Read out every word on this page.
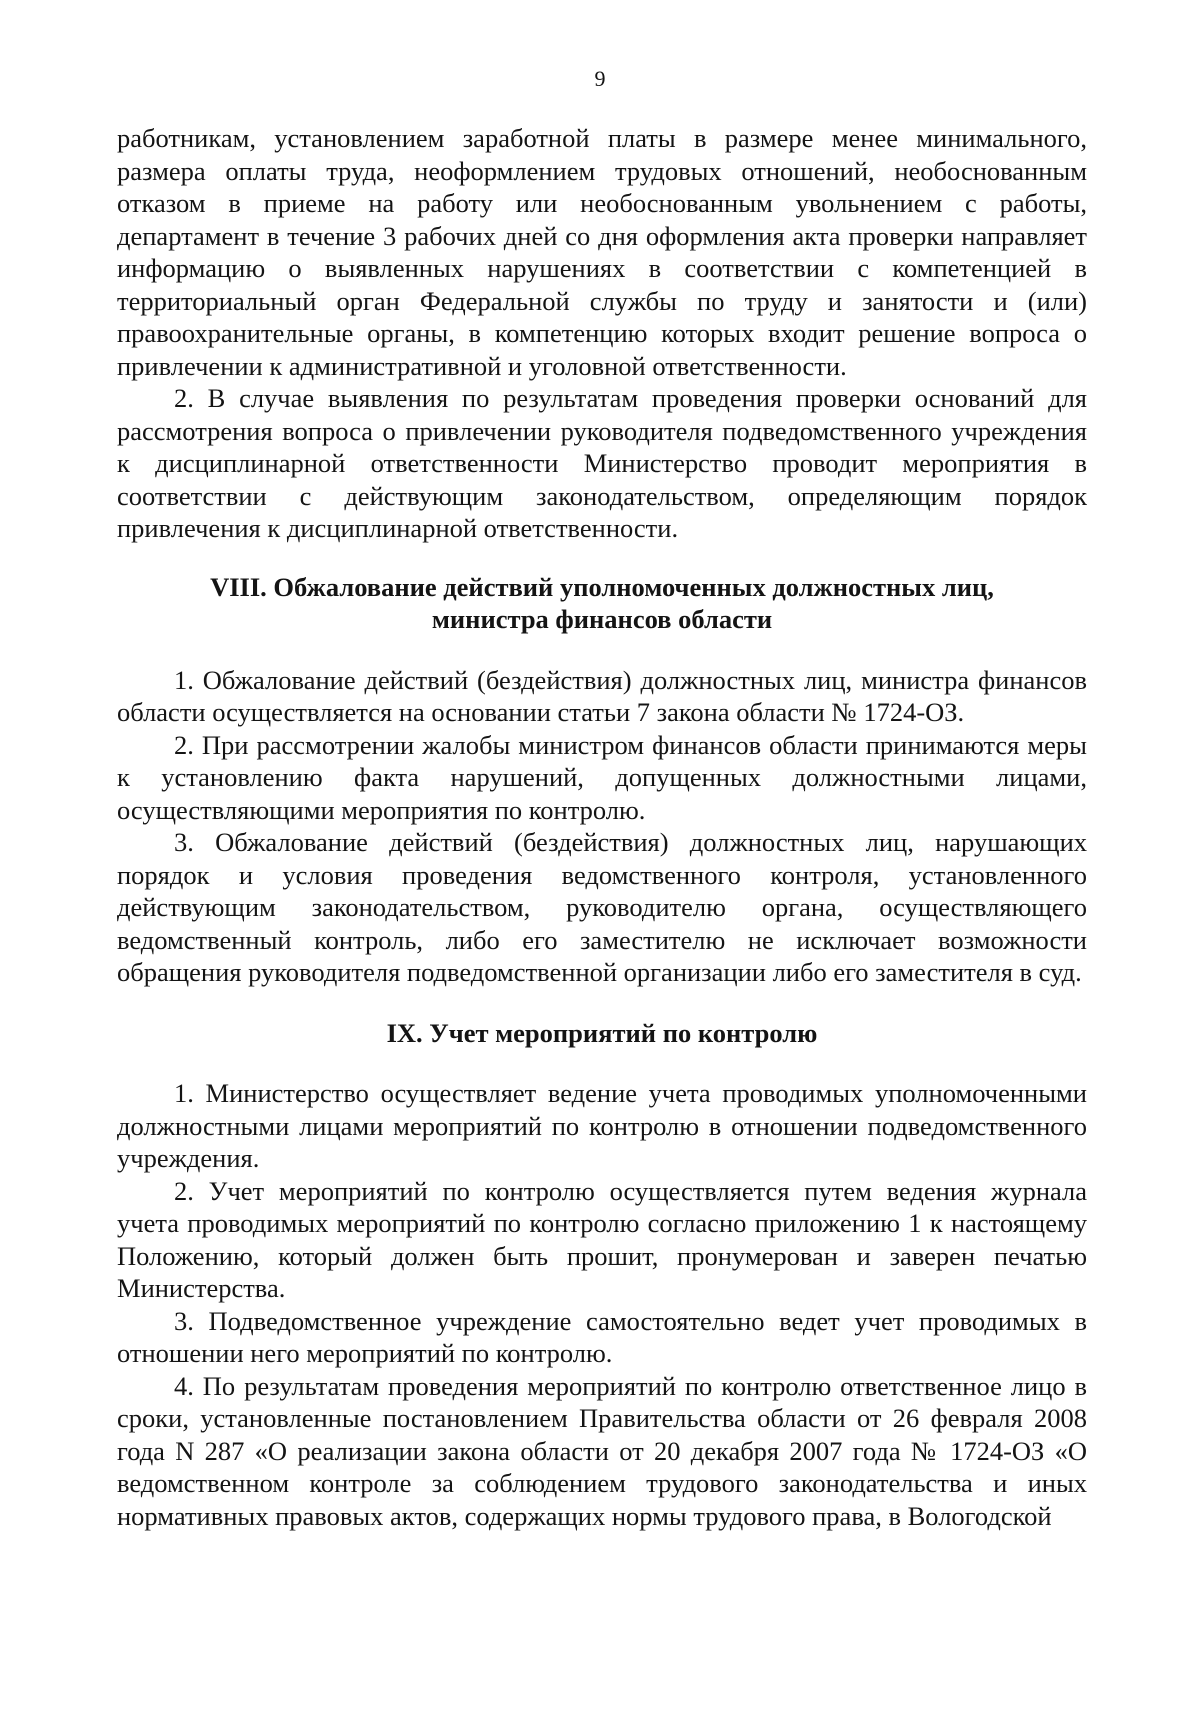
9

работникам, установлением заработной платы в размере менее минимального, размера оплаты труда, неоформлением трудовых отношений, необоснованным отказом в приеме на работу или необоснованным увольнением с работы, департамент в течение 3 рабочих дней со дня оформления акта проверки направляет информацию о выявленных нарушениях в соответствии с компетенцией в территориальный орган Федеральной службы по труду и занятости и (или) правоохранительные органы, в компетенцию которых входит решение вопроса о привлечении к административной и уголовной ответственности.

2. В случае выявления по результатам проведения проверки оснований для рассмотрения вопроса о привлечении руководителя подведомственного учреждения к дисциплинарной ответственности Министерство проводит мероприятия в соответствии с действующим законодательством, определяющим порядок привлечения к дисциплинарной ответственности.

VIII. Обжалование действий уполномоченных должностных лиц,
министра финансов области

1. Обжалование действий (бездействия) должностных лиц, министра финансов области осуществляется на основании статьи 7 закона области № 1724-ОЗ.

2. При рассмотрении жалобы министром финансов области принимаются меры к установлению факта нарушений, допущенных должностными лицами, осуществляющими мероприятия по контролю.

3. Обжалование действий (бездействия) должностных лиц, нарушающих порядок и условия проведения ведомственного контроля, установленного действующим законодательством, руководителю органа, осуществляющего ведомственный контроль, либо его заместителю не исключает возможности обращения руководителя подведомственной организации либо его заместителя в суд.

IX. Учет мероприятий по контролю

1. Министерство осуществляет ведение учета проводимых уполномоченными должностными лицами мероприятий по контролю в отношении подведомственного учреждения.

2. Учет мероприятий по контролю осуществляется путем ведения журнала учета проводимых мероприятий по контролю согласно приложению 1 к настоящему Положению, который должен быть прошит, пронумерован и заверен печатью Министерства.

3. Подведомственное учреждение самостоятельно ведет учет проводимых в отношении него мероприятий по контролю.

4. По результатам проведения мероприятий по контролю ответственное лицо в сроки, установленные постановлением Правительства области от 26 февраля 2008 года N 287 «О реализации закона области от 20 декабря 2007 года № 1724-ОЗ «О ведомственном контроле за соблюдением трудового законодательства и иных нормативных правовых актов, содержащих нормы трудового права, в Вологодской
